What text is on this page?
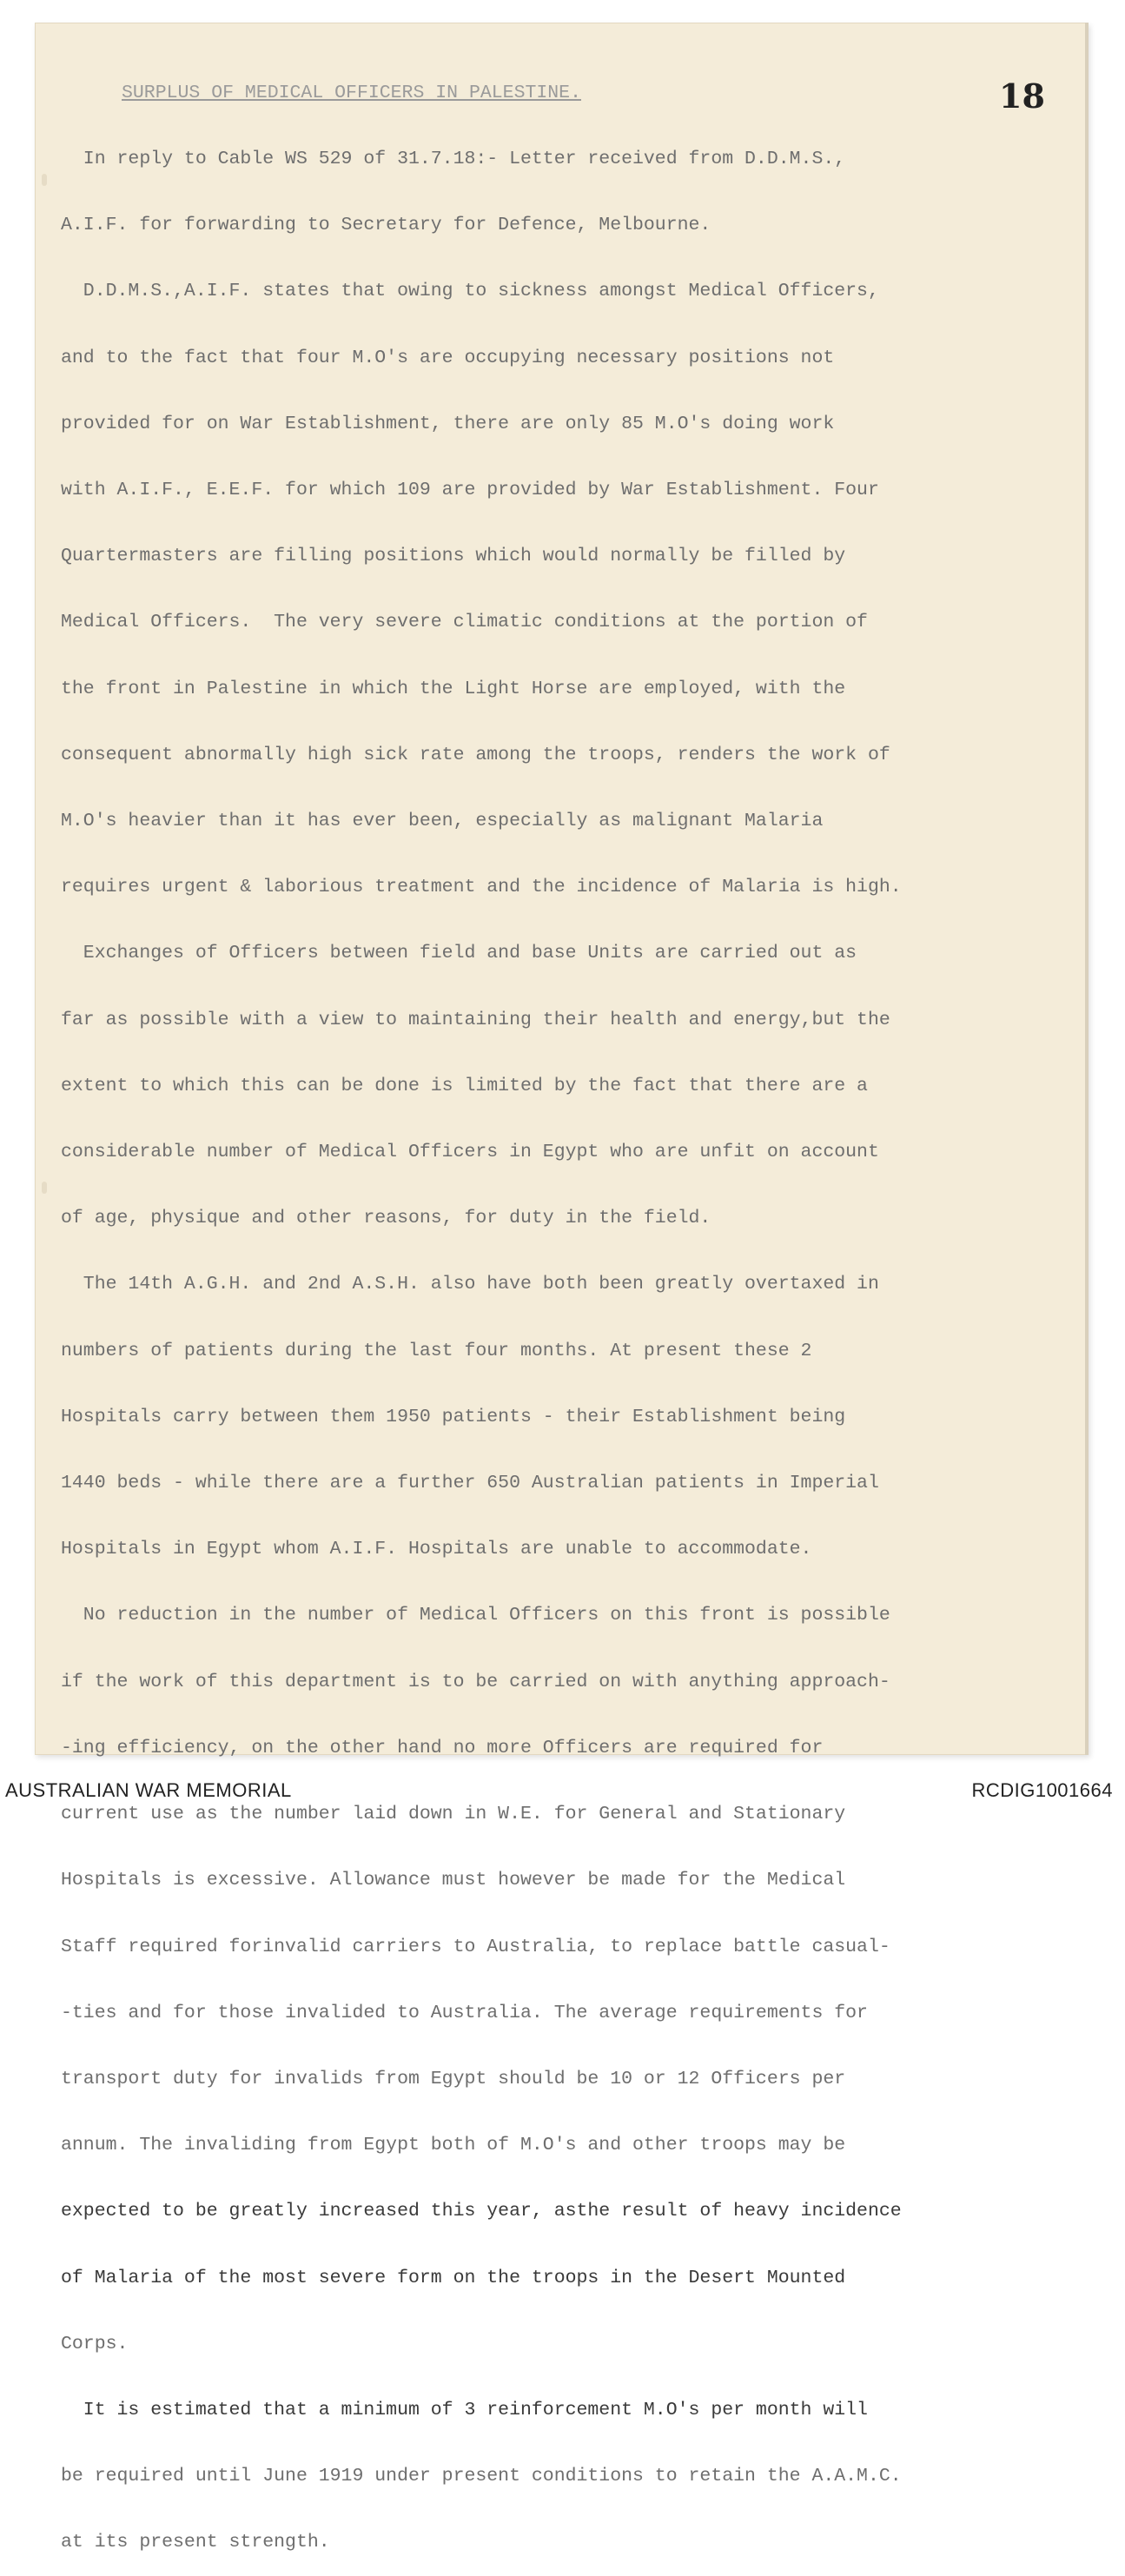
18

SURPLUS OF MEDICAL OFFICERS IN PALESTINE.

In reply to Cable WS 529 of 31.7.18:- Letter received from D.D.M.S.,

A.I.F. for forwarding to Secretary for Defence, Melbourne.

D.D.M.S.,A.I.F. states that owing to sickness amongst Medical Officers,

and to the fact that four M.O's are occupying necessary positions not

provided for on War Establishment, there are only 85 M.O's doing work

with A.I.F., E.E.F. for which 109 are provided by War Establishment. Four

Quartermasters are filling positions which would normally be filled by

Medical Officers.  The very severe climatic conditions at the portion of

the front in Palestine in which the Light Horse are employed, with the

consequent abnormally high sick rate among the troops, renders the work of

M.O's heavier than it has ever been, especially as malignant Malaria

requires urgent & laborious treatment and the incidence of Malaria is high.

Exchanges of Officers between field and base Units are carried out as

far as possible with a view to maintaining their health and energy,but the

extent to which this can be done is limited by the fact that there are a

considerable number of Medical Officers in Egypt who are unfit on account

of age, physique and other reasons, for duty in the field.

The 14th A.G.H. and 2nd A.S.H. also have both been greatly overtaxed in

numbers of patients during the last four months. At present these 2

Hospitals carry between them 1950 patients - their Establishment being

1440 beds - while there are a further 650 Australian patients in Imperial

Hospitals in Egypt whom A.I.F. Hospitals are unable to accommodate.

No reduction in the number of Medical Officers on this front is possible

if the work of this department is to be carried on with anything approach-

-ing efficiency, on the other hand no more Officers are required for

current use as the number laid down in W.E. for General and Stationary

Hospitals is excessive. Allowance must however be made for the Medical

Staff required forinvalid carriers to Australia, to replace battle casual-

-ties and for those invalided to Australia. The average requirements for

transport duty for invalids from Egypt should be 10 or 12 Officers per

annum. The invaliding from Egypt both of M.O's and other troops may be

expected to be greatly increased this year, asthe result of heavy incidence

of Malaria of the most severe form on the troops in the Desert Mounted

Corps.

It is estimated that a minimum of 3 reinforcement M.O's per month will

be required until June 1919 under present conditions to retain the A.A.M.C.

at its present strength.

AUSTRALIAN WAR MEMORIAL	RCDIG1001664
